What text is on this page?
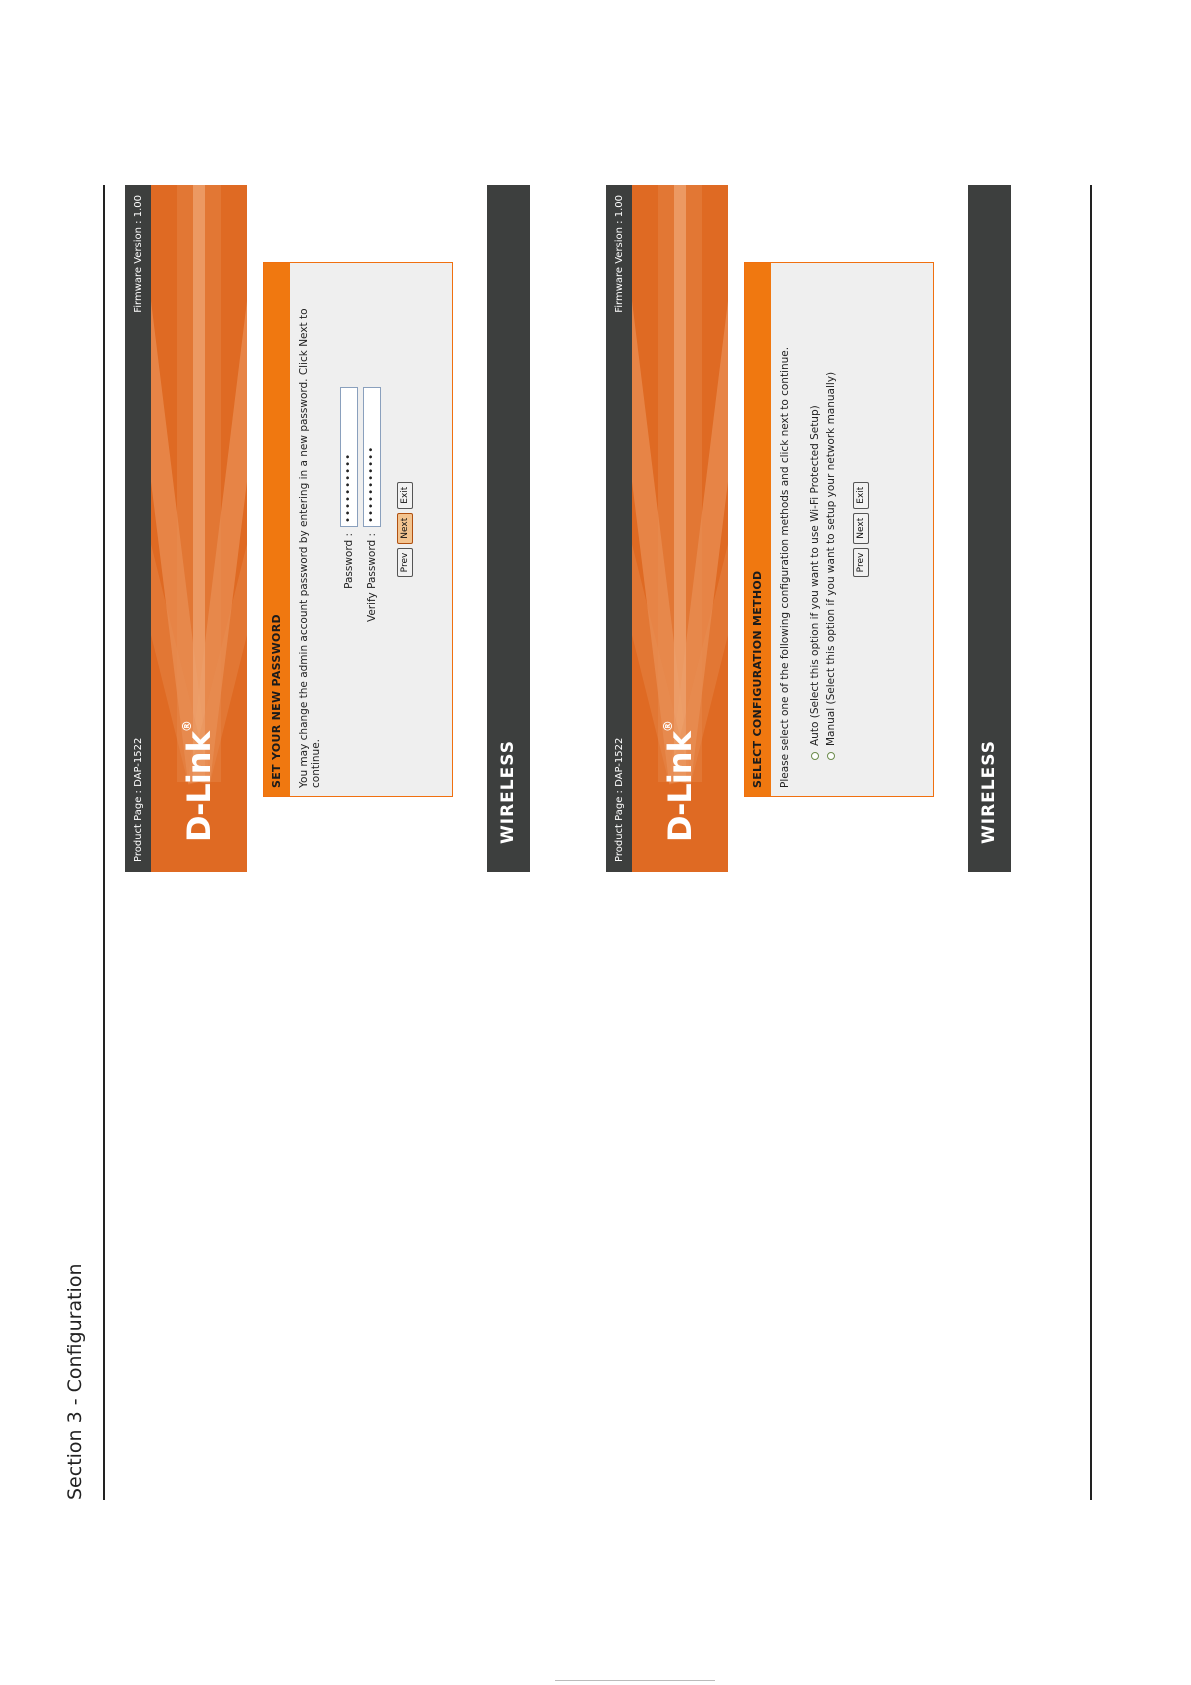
Section 3 - Configuration
Product Page : DAP-1522
Firmware Version : 1.00
D-Link®	SET YOUR NEW PASSWORD	You may change the admin account password by entering in a new password. Click Next to continue.

Password :
••••••••••
Verify Password :
•••••••••••
Prev
Next
Exit
WIRELESS	Product Page : DAP-1522
Firmware Version : 1.00
D-Link®	SELECT CONFIGURATION METHOD	Please select one of the following configuration methods and click next to continue. Auto (Select this option if you want to use Wi-Fi Protected Setup) Manual (Select this option if you want to setup your network manually)	Prev
Next
Exit
WIRELESS
